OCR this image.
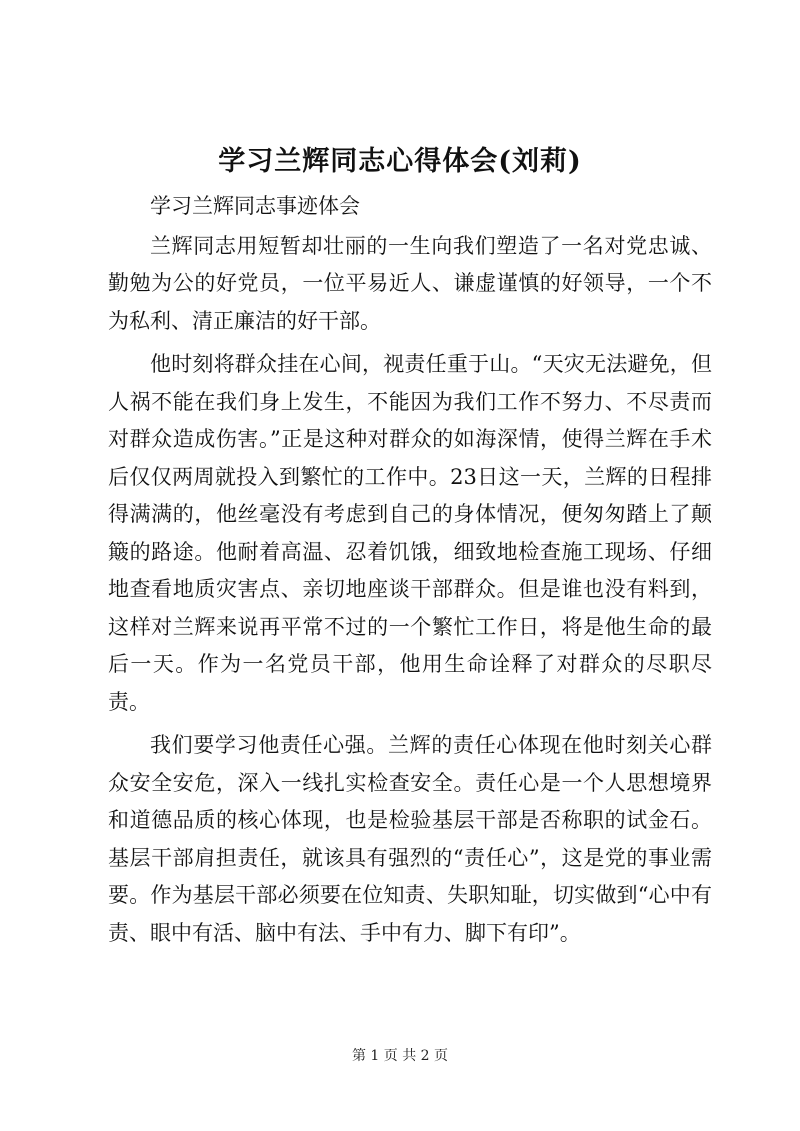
学习兰辉同志心得体会(刘莉)

学习兰辉同志事迹体会

兰辉同志用短暂却壮丽的一生向我们塑造了一名对党忠诚、勤勉为公的好党员，一位平易近人、谦虚谨慎的好领导，一个不为私利、清正廉洁的好干部。

他时刻将群众挂在心间，视责任重于山。“天灾无法避免，但人祸不能在我们身上发生，不能因为我们工作不努力、不尽责而对群众造成伤害。”正是这种对群众的如海深情，使得兰辉在手术后仅仅两周就投入到繁忙的工作中。23日这一天，兰辉的日程排得满满的，他丝毫没有考虑到自己的身体情况，便匆匆踏上了颠簸的路途。他耐着高温、忍着饥饿，细致地检查施工现场、仔细地查看地质灾害点、亲切地座谈干部群众。但是谁也没有料到，这样对兰辉来说再平常不过的一个繁忙工作日，将是他生命的最后一天。作为一名党员干部，他用生命诠释了对群众的尽职尽责。

我们要学习他责任心强。兰辉的责任心体现在他时刻关心群众安全安危，深入一线扎实检查安全。责任心是一个人思想境界和道德品质的核心体现，也是检验基层干部是否称职的试金石。基层干部肩担责任，就该具有强烈的“责任心”，这是党的事业需要。作为基层干部必须要在位知责、失职知耻，切实做到“心中有责、眼中有活、脑中有法、手中有力、脚下有印”。

第 1 页 共 2 页
